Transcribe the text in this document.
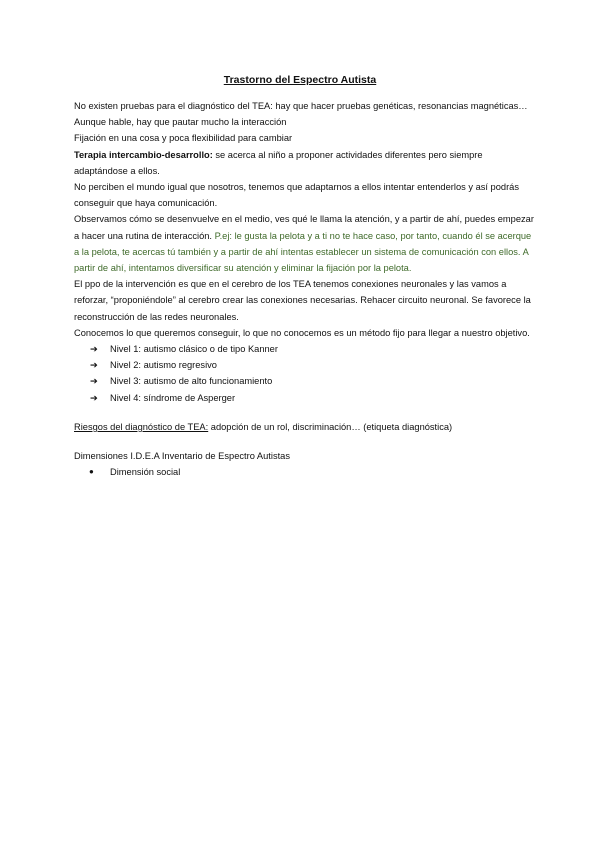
Trastorno del Espectro Autista

No existen pruebas para el diagnóstico del TEA: hay que hacer pruebas genéticas, resonancias magnéticas…

Aunque hable, hay que pautar mucho la interacción

Fijación en una cosa y poca flexibilidad para cambiar

Terapia intercambio-desarrollo: se acerca al niño a proponer actividades diferentes pero siempre adaptándose a ellos.

No perciben el mundo igual que nosotros, tenemos que adaptarnos a ellos intentar entenderlos y así podrás conseguir que haya comunicación.

Observamos cómo se desenvuelve en el medio, ves qué le llama la atención, y a partir de ahí, puedes empezar a hacer una rutina de interacción. P.ej: le gusta la pelota y a ti no te hace caso, por tanto, cuando él se acerque a la pelota, te acercas tú también y a partir de ahí intentas establecer un sistema de comunicación con ellos. A partir de ahí, intentamos diversificar su atención y eliminar la fijación por la pelota.

El ppo de la intervención es que en el cerebro de los TEA tenemos conexiones neuronales y las vamos a reforzar, “proponiéndole” al cerebro crear las conexiones necesarias. Rehacer circuito neuronal. Se favorece la reconstrucción de las redes neuronales.

Conocemos lo que queremos conseguir, lo que no conocemos es un método fijo para llegar a nuestro objetivo.

➔ Nivel 1: autismo clásico o de tipo Kanner
➔ Nivel 2: autismo regresivo
➔ Nivel 3: autismo de alto funcionamiento
➔ Nivel 4: síndrome de Asperger

Riesgos del diagnóstico de TEA: adopción de un rol, discriminación… (etiqueta diagnóstica)

Dimensiones I.D.E.A Inventario de Espectro Autistas

● Dimensión social
